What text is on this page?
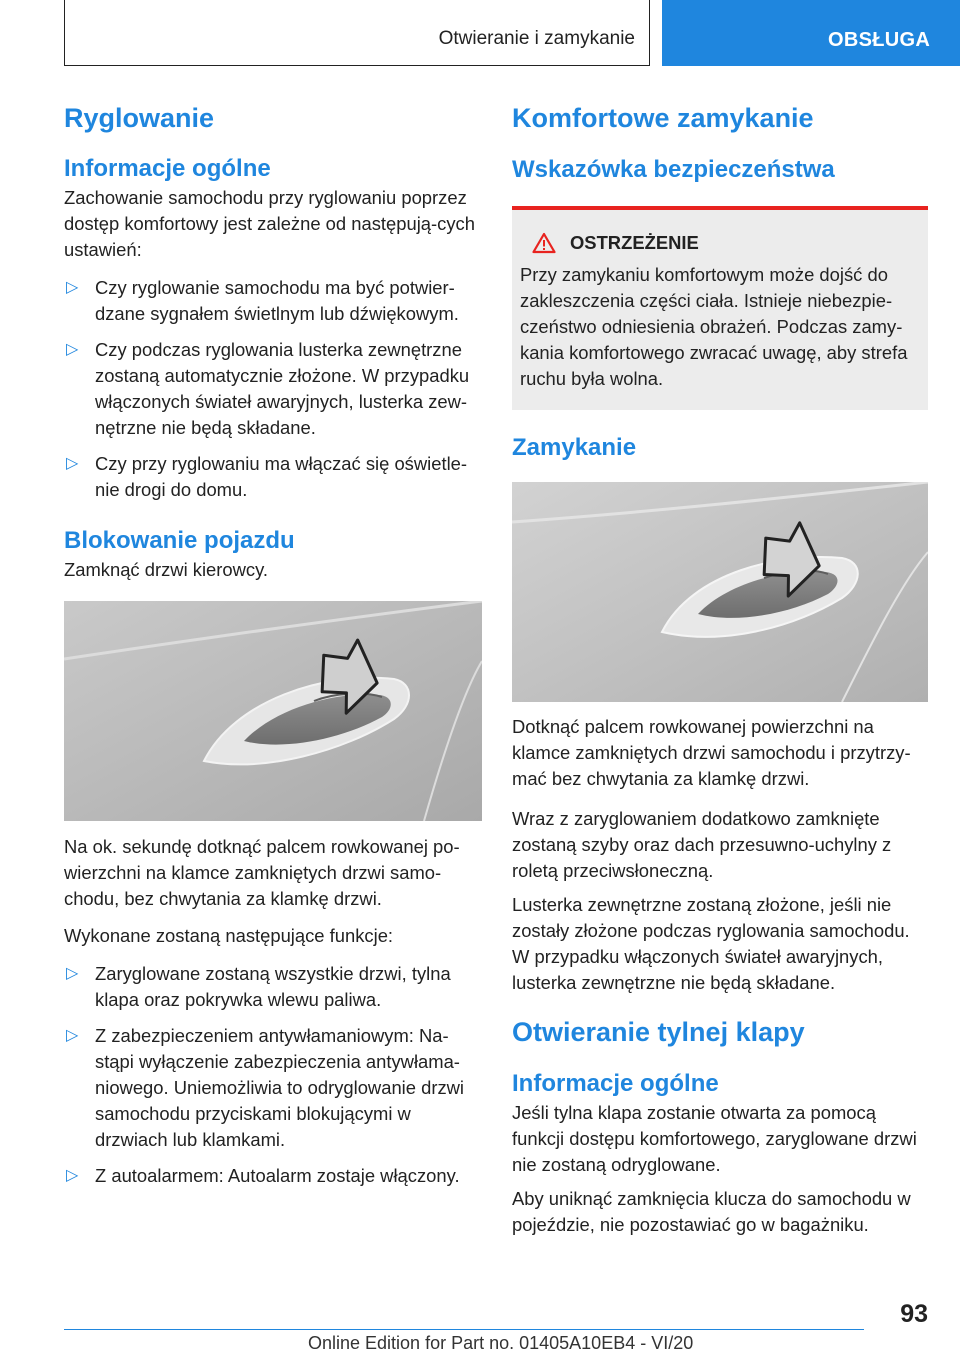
Otwieranie i zamykanie	OBSŁUGA
Ryglowanie
Informacje ogólne

Zachowanie samochodu przy ryglowaniu poprzez dostęp komfortowy jest zależne od następują-cych ustawień:

▷ Czy ryglowanie samochodu ma być potwier-dzane sygnałem świetlnym lub dźwiękowym.
▷ Czy podczas ryglowania lusterka zewnętrzne zostaną automatycznie złożone. W przypadku włączonych świateł awaryjnych, lusterka zew-nętrzne nie będą składane.
▷ Czy przy ryglowaniu ma włączać się oświetle-nie drogi do domu.
Blokowanie pojazdu

Zamknąć drzwi kierowcy.

Na ok. sekundę dotknąć palcem rowkowanej po-wierzchni na klamce zamkniętych drzwi samo-chodu, bez chwytania za klamkę drzwi.

Wykonane zostaną następujące funkcje:

▷ Zaryglowane zostaną wszystkie drzwi, tylna klapa oraz pokrywka wlewu paliwa.
▷ Z zabezpieczeniem antywłamaniowym: Na-stąpi wyłączenie zabezpieczenia antywłama-niowego. Uniemożliwia to odryglowanie drzwi samochodu przyciskami blokującymi w drzwiach lub klamkami.
▷ Z autoalarmem: Autoalarm zostaje włączony.
Komfortowe zamykanie
Wskazówka bezpieczeństwa
OSTRZEŻENIE

Przy zamykaniu komfortowym może dojść do zakleszczenia części ciała. Istnieje niebezpie-czeństwo odniesienia obrażeń. Podczas zamy-kania komfortowego zwracać uwagę, aby strefa ruchu była wolna.

Zamykanie

Dotknąć palcem rowkowanej powierzchni na klamce zamkniętych drzwi samochodu i przytrzy-mać bez chwytania za klamkę drzwi.

Wraz z zaryglowaniem dodatkowo zamknięte zostaną szyby oraz dach przesuwno-uchylny z roletą przeciwsłoneczną.

Lusterka zewnętrzne zostaną złożone, jeśli nie zostały złożone podczas ryglowania samochodu. W przypadku włączonych świateł awaryjnych, lusterka zewnętrzne nie będą składane.

Otwieranie tylnej klapy
Informacje ogólne

Jeśli tylna klapa zostanie otwarta za pomocą funkcji dostępu komfortowego, zaryglowane drzwi nie zostaną odryglowane.

Aby uniknąć zamknięcia klucza do samochodu w pojeździe, nie pozostawiać go w bagażniku.

93
Online Edition for Part no. 01405A10EB4 - VI/20
